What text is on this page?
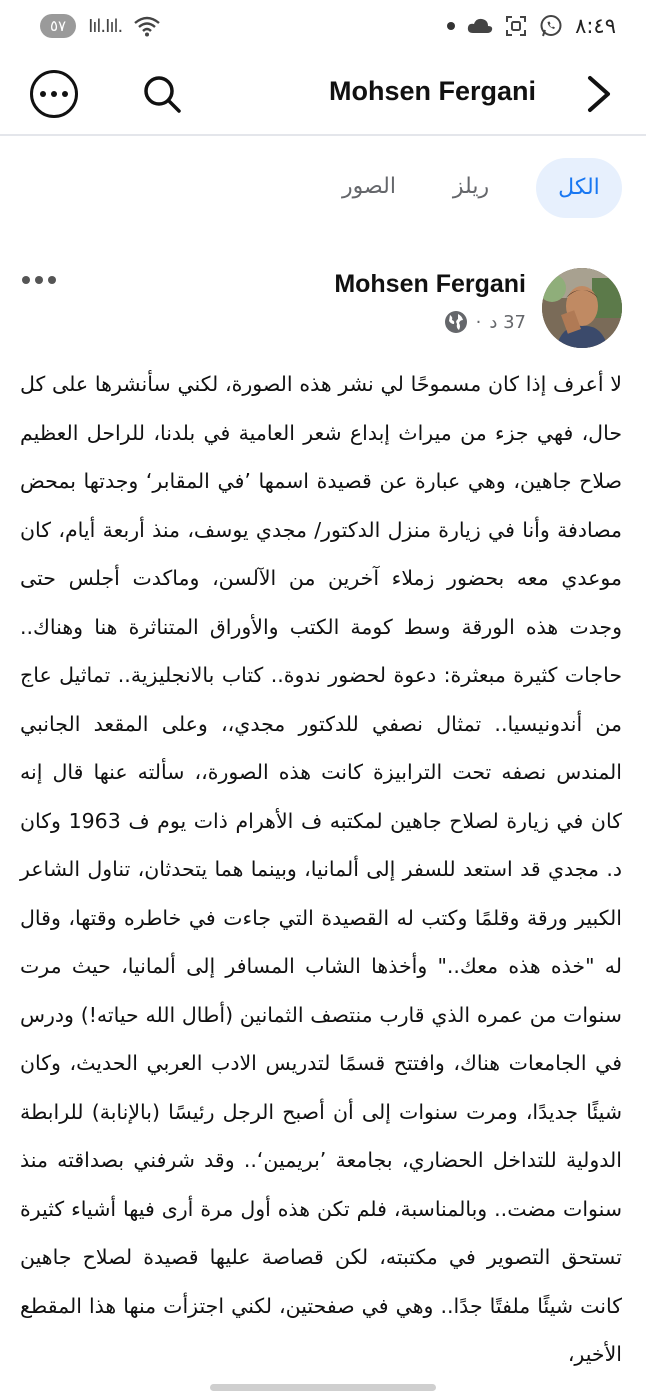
٥٧	Ⅰıl.Ⅰıl.	٨:٤٩
Mohsen Fergani
الكل
ريلز
الصور
Mohsen Fergani
37 د
·
لا أعرف إذا كان مسموحًا لي نشر هذه الصورة، لكني سأنشرها على كل حال، فهي جزء من ميراث إبداع شعر العامية في بلدنا، للراحل العظيم صلاح جاهين، وهي عبارة عن قصيدة اسمها ’في المقابر‘ وجدتها بمحض مصادفة وأنا في زيارة منزل الدكتور/ مجدي يوسف، منذ أربعة أيام، كان موعدي معه بحضور زملاء آخرين من الآلسن، وماكدت أجلس حتى وجدت هذه الورقة وسط كومة الكتب والأوراق المتناثرة هنا وهناك.. حاجات كثيرة مبعثرة: دعوة لحضور ندوة.. كتاب بالانجليزية.. تماثيل عاج من أندونيسيا.. تمثال نصفي للدكتور مجدي،، وعلى المقعد الجانبي المندس نصفه تحت الترابيزة كانت هذه الصورة،، سألته عنها قال إنه كان في زيارة لصلاح جاهين لمكتبه ف الأهرام ذات يوم ف 1963 وكان د. مجدي قد استعد للسفر إلى ألمانيا، وبينما هما يتحدثان، تناول الشاعر الكبير ورقة وقلمًا وكتب له القصيدة التي جاءت في خاطره وقتها، وقال له "خذه هذه معك.." وأخذها الشاب المسافر إلى ألمانيا، حيث مرت سنوات من عمره الذي قارب منتصف الثمانين (أطال الله حياته!) ودرس في الجامعات هناك، وافتتح قسمًا لتدريس الادب العربي الحديث، وكان شيئًا جديدًا، ومرت سنوات إلى أن أصبح الرجل رئيسًا (بالإنابة) للرابطة الدولية للتداخل الحضاري، بجامعة ’بريمين‘.. وقد شرفني بصداقته منذ سنوات مضت.. وبالمناسبة، فلم تكن هذه أول مرة أرى فيها أشياء كثيرة تستحق التصوير في مكتبته، لكن قصاصة عليها قصيدة لصلاح جاهين كانت شيئًا ملفتًا جدًا.. وهي في صفحتين، لكني اجتزأت منها هذا المقطع الأخير،
